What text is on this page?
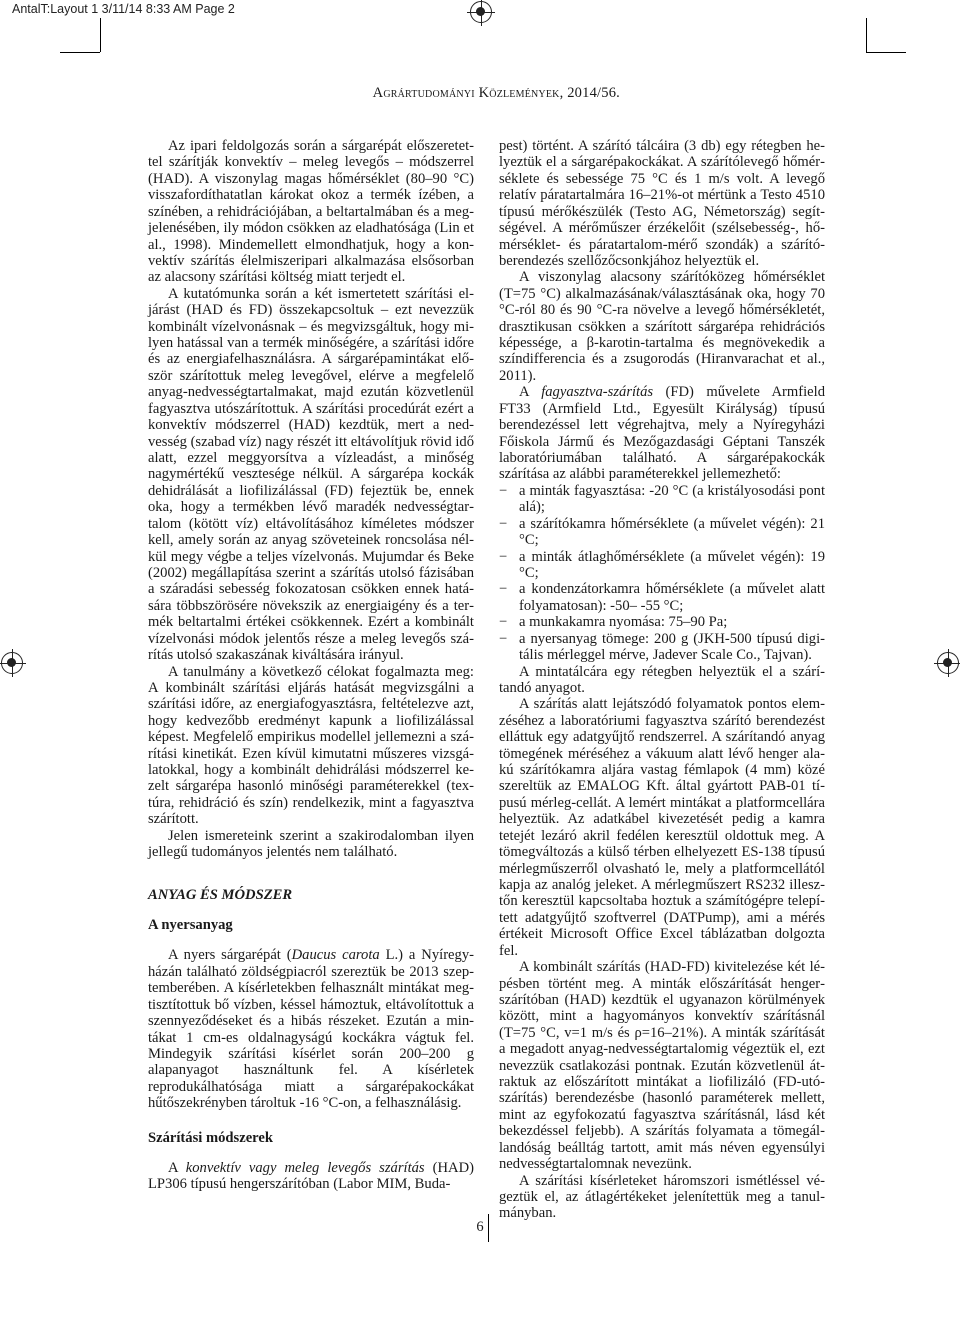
AntalT:Layout 1 3/11/14 8:33 AM Page 2
Agrártudományi Közlemények, 2014/56.

Az ipari feldolgozás során a sárgarépát előszeretettel szárítják konvektív – meleg levegős – módszerrel (HAD). A viszonylag magas hőmérséklet (80–90 °C) visszafordíthatatlan károkat okoz a termék ízében, a színében, a rehidrációjában, a beltartalmában és a megjelenésében, ily módon csökken az eladhatósága (Lin et al., 1998). Mindemellett elmondhatjuk, hogy a konvektív szárítás élelmiszeripari alkalmazása elsősorban az alacsony szárítási költség miatt terjedt el.

A kutatómunka során a két ismertetett szárítási eljárást (HAD és FD) összekapcsoltuk – ezt nevezzük kombinált vízelvonásnak – és megvizsgáltuk, hogy milyen hatással van a termék minőségére, a szárítási időre és az energiafelhasználásra. A sárgarépamintákat először szárítottuk meleg levegővel, elérve a megfelelő anyag-nedvességtartalmakat, majd ezután közvetlenül fagyasztva utószárítottuk. A szárítási procedúrát ezért a konvektív módszerrel (HAD) kezdtük, mert a nedvesség (szabad víz) nagy részét itt eltávolítjuk rövid idő alatt, ezzel meggyorsítva a vízleadást, a minőség nagymértékű vesztesége nélkül. A sárgarépa kockák dehidrálását a liofilizálással (FD) fejeztük be, ennek oka, hogy a termékben lévő maradék nedvességtartalom (kötött víz) eltávolításához kíméletes módszer kell, amely során az anyag szöveteinek roncsolása nélkül megy végbe a teljes vízelvonás. Mujumdar és Beke (2002) megállapítása szerint a szárítás utolsó fázisában a száradási sebesség fokozatosan csökken ennek hatására többszörösére növekszik az energiaigény és a termék beltartalmi értékei csökkennek. Ezért a kombinált vízelvonási módok jelentős része a meleg levegős szárítás utolsó szakaszának kiváltására irányul.

A tanulmány a következő célokat fogalmazta meg: A kombinált szárítási eljárás hatását megvizsgálni a szárítási időre, az energiafogyasztásra, feltételezve azt, hogy kedvezőbb eredményt kapunk a liofilizálással képest. Megfelelő empirikus modellel jellemezni a szárítási kinetikát. Ezen kívül kimutatni műszeres vizsgálatokkal, hogy a kombinált dehidrálási módszerrel kezelt sárgarépa hasonló minőségi paraméterekkel (textúra, rehidráció és szín) rendelkezik, mint a fagyasztva szárított.

Jelen ismereteink szerint a szakirodalomban ilyen jellegű tudományos jelentés nem található.

ANYAG ÉS MÓDSZER
A nyersanyag

A nyers sárgarépát (Daucus carota L.) a Nyíregyházán található zöldségpiacról szereztük be 2013 szeptemberében. A kísérletekben felhasznált mintákat megtisztítottuk bő vízben, késsel hámoztuk, eltávolítottuk a szennyeződéseket és a hibás részeket. Ezután a mintákat 1 cm-es oldalnagyságú kockákra vágtuk fel. Mindegyik szárítási kísérlet során 200–200 g alapanyagot használtunk fel. A kísérletek reprodukálhatósága miatt a sárgarépakockákat hűtőszekrényben tároltuk -16 °C-on, a felhasználásig.

Szárítási módszerek

A konvektív vagy meleg levegős szárítás (HAD) LP306 típusú hengerszárítóban (Labor MIM, Buda-

pest) történt. A szárító tálcáira (3 db) egy rétegben helyeztük el a sárgarépakockákat. A szárítólevegő hőmérséklete és sebessége 75 °C és 1 m/s volt. A levegő relatív páratartalmára 16–21%-ot mértünk a Testo 4510 típusú mérőkészülék (Testo AG, Németország) segítségével. A mérőműszer érzékelőit (szélsebesség-, hőmérséklet- és páratartalom-mérő szondák) a szárítóberendezés szellőzőcsonkjához helyeztük el.

A viszonylag alacsony szárítóközeg hőmérséklet (T=75 °C) alkalmazásának/választásának oka, hogy 70 °C-ról 80 és 90 °C-ra növelve a levegő hőmérsékletét, drasztikusan csökken a szárított sárgarépa rehidrációs képessége, a β-karotin-tartalma és megnövekedik a színdifferencia és a zsugorodás (Hiranvarachat et al., 2011).

A fagyasztva-szárítás (FD) művelete Armfield FT33 (Armfield Ltd., Egyesült Királyság) típusú berendezéssel lett végrehajtva, mely a Nyíregyházi Főiskola Jármű és Mezőgazdasági Géptani Tanszék laboratóriumában található. A sárgarépakockák szárítása az alábbi paraméterekkel jellemezhető:

− a minták fagyasztása: -20 °C (a kristályosodási pont alá);
− a szárítókamra hőmérséklete (a művelet végén): 21 °C;
− a minták átlaghőmérséklete (a művelet végén): 19 °C;
− a kondenzátorkamra hőmérséklete (a művelet alatt folyamatosan): -50– -55 °C;
− a munkakamra nyomása: 75–90 Pa;
− a nyersanyag tömege: 200 g (JKH-500 típusú digitális mérleggel mérve, Jadever Scale Co., Tajvan).

A mintatálcára egy rétegben helyeztük el a szárítandó anyagot.

A szárítás alatt lejátszódó folyamatok pontos elemzéséhez a laboratóriumi fagyasztva szárító berendezést elláttuk egy adatgyűjtő rendszerrel. A szárítandó anyag tömegének méréséhez a vákuum alatt lévő henger alakú szárítókamra aljára vastag fémlapok (4 mm) közé szereltük az EMALOG Kft. által gyártott PAB-01 típusú mérleg-cellát. A lemért mintákat a platformcellára helyeztük. Az adatkábel kivezetését pedig a kamra tetejét lezáró akril fedélen keresztül oldottuk meg. A tömegváltozás a külső térben elhelyezett ES-138 típusú mérlegműszerről olvasható le, mely a platformcellától kapja az analóg jeleket. A mérlegműszert RS232 illesztőn keresztül kapcsoltaba hoztuk a számítógépre telepített adatgyűjtő szoftverrel (DATPump), ami a mérés értékeit Microsoft Office Excel táblázatban dolgozta fel.

A kombinált szárítás (HAD-FD) kivitelezése két lépésben történt meg. A minták előszárítását hengerszárítóban (HAD) kezdtük el ugyanazon körülmények között, mint a hagyományos konvektív szárításnál (T=75 °C, v=1 m/s és ρ=16–21%). A minták szárítását a megadott anyag-nedvességtartalomig végeztük el, ezt nevezzük csatlakozási pontnak. Ezután közvetlenül átraktuk az előszárított mintákat a liofilizáló (FD-utószárítás) berendezésbe (hasonló paraméterek mellett, mint az egyfokozatú fagyasztva szárításnál, lásd két bekezdéssel feljebb). A szárítás folyamata a tömegállandóság beálltág tartott, amit más néven egyensúlyi nedvességtartalomnak nevezünk.

A szárítási kísérleteket háromszori ismétléssel végeztük el, az átlagértékeket jelenítettük meg a tanulmányban.

6
